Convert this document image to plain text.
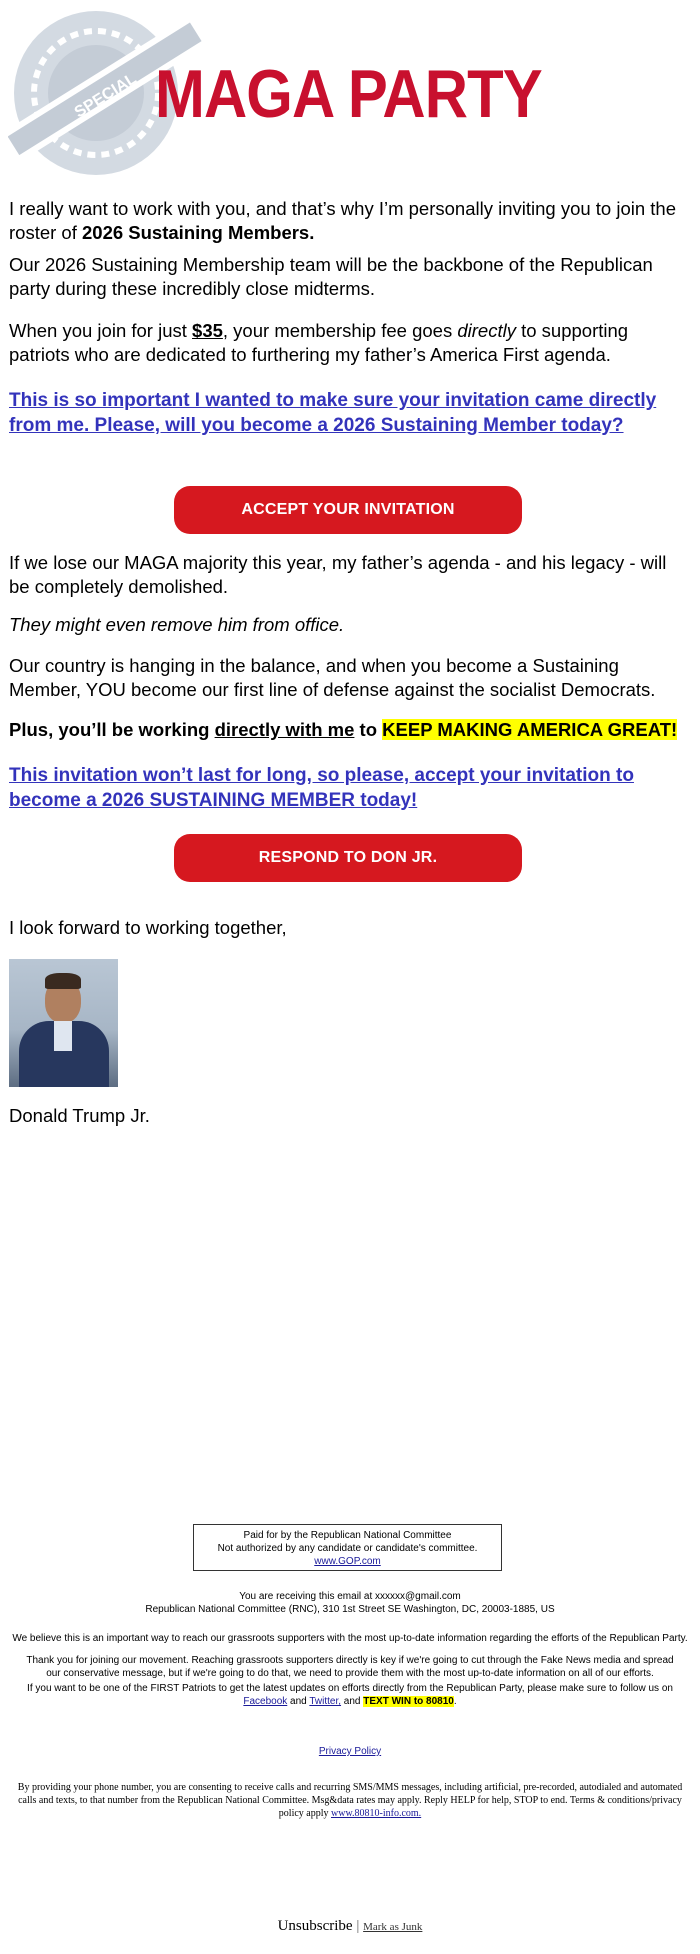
SPECIAL MAGA PARTY

I really want to work with you, and that’s why I’m personally inviting you to join the roster of 2026 Sustaining Members.

Our 2026 Sustaining Membership team will be the backbone of the Republican party during these incredibly close midterms.

When you join for just $35, your membership fee goes directly to supporting patriots who are dedicated to furthering my father’s America First agenda.

This is so important I wanted to make sure your invitation came directly from me. Please, will you become a 2026 Sustaining Member today?

ACCEPT YOUR INVITATION

If we lose our MAGA majority this year, my father’s agenda - and his legacy - will be completely demolished.

They might even remove him from office.

Our country is hanging in the balance, and when you become a Sustaining Member, YOU become our first line of defense against the socialist Democrats.

Plus, you’ll be working directly with me to KEEP MAKING AMERICA GREAT!

This invitation won’t last for long, so please, accept your invitation to become a 2026 SUSTAINING MEMBER today!

RESPOND TO DON JR.

I look forward to working together,

Donald Trump Jr.

Paid for by the Republican National Committee
Not authorized by any candidate or candidate's committee.
www.GOP.com
You are receiving this email at xxxxxx@gmail.com
Republican National Committee (RNC), 310 1st Street SE Washington, DC, 20003-1885, US
We believe this is an important way to reach our grassroots supporters with the most up-to-date information regarding the efforts of the Republican Party.
Thank you for joining our movement. Reaching grassroots supporters directly is key if we're going to cut through the Fake News media and spread our conservative message, but if we're going to do that, we need to provide them with the most up-to-date information on all of our efforts.
If you want to be one of the FIRST Patriots to get the latest updates on efforts directly from the Republican Party, please make sure to follow us on Facebook and Twitter, and TEXT WIN to 80810.
Privacy Policy
By providing your phone number, you are consenting to receive calls and recurring SMS/MMS messages, including artificial, pre-recorded, autodialed and automated calls and texts, to that number from the Republican National Committee. Msg&data rates may apply. Reply HELP for help, STOP to end. Terms & conditions/privacy policy apply www.80810-info.com.
Unsubscribe | Mark as Junk
